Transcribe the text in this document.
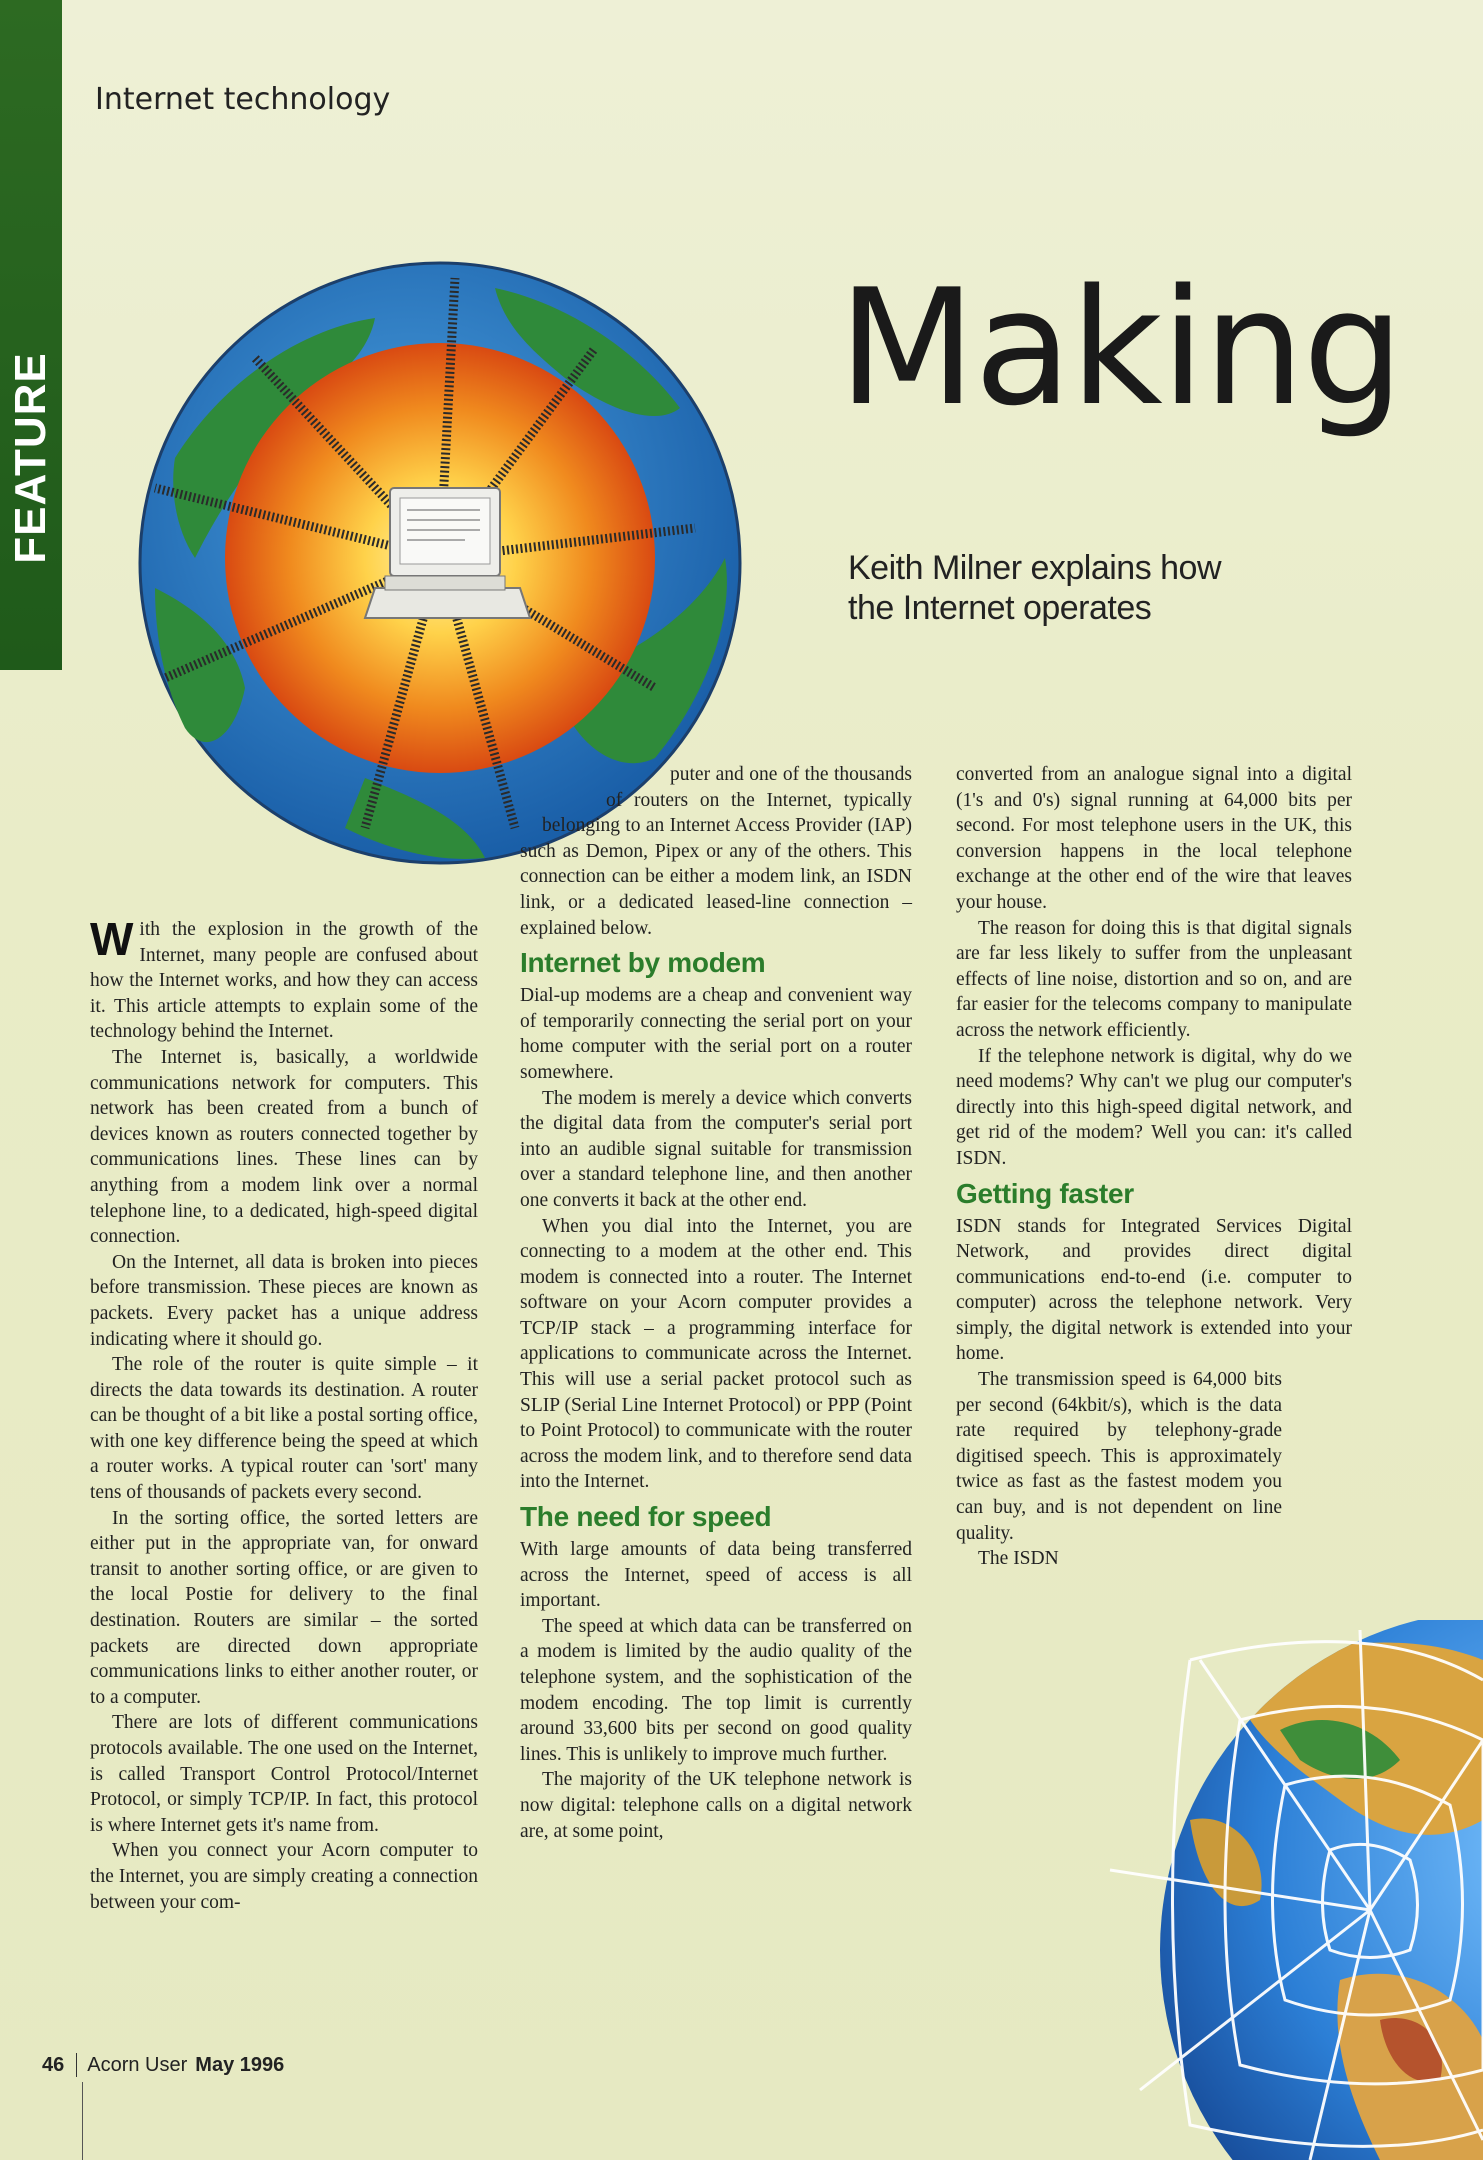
FEATURE
Internet technology
Making
Keith Milner explains how the Internet operates

With the explosion in the growth of the Internet, many people are confused about how the Internet works, and how they can access it. This article attempts to explain some of the technology behind the Internet.

The Internet is, basically, a worldwide communications network for computers. This network has been created from a bunch of devices known as routers connected together by communications lines. These lines can by anything from a modem link over a normal telephone line, to a dedicated, high-speed digital connection.

On the Internet, all data is broken into pieces before transmission. These pieces are known as packets. Every packet has a unique address indicating where it should go.

The role of the router is quite simple – it directs the data towards its destination. A router can be thought of a bit like a postal sorting office, with one key difference being the speed at which a router works. A typical router can 'sort' many tens of thousands of packets every second.

In the sorting office, the sorted letters are either put in the appropriate van, for onward transit to another sorting office, or are given to the local Postie for delivery to the final destination. Routers are similar – the sorted packets are directed down appropriate communications links to either another router, or to a computer.

There are lots of different communications protocols available. The one used on the Internet, is called Transport Control Protocol/Internet Protocol, or simply TCP/IP. In fact, this protocol is where Internet gets it's name from.

When you connect your Acorn computer to the Internet, you are simply creating a connection between your com-

puter and one of the thousands of routers on the Internet, typically belonging to an Internet Access Provider (IAP) such as Demon, Pipex or any of the others. This connection can be either a modem link, an ISDN link, or a dedicated leased-line connection – explained below.

Internet by modem

Dial-up modems are a cheap and convenient way of temporarily connecting the serial port on your home computer with the serial port on a router somewhere.

The modem is merely a device which converts the digital data from the computer's serial port into an audible signal suitable for transmission over a standard telephone line, and then another one converts it back at the other end.

When you dial into the Internet, you are connecting to a modem at the other end. This modem is connected into a router. The Internet software on your Acorn computer provides a TCP/IP stack – a programming interface for applications to communicate across the Internet. This will use a serial packet protocol such as SLIP (Serial Line Internet Protocol) or PPP (Point to Point Protocol) to communicate with the router across the modem link, and to therefore send data into the Internet.

The need for speed

With large amounts of data being transferred across the Internet, speed of access is all important.

The speed at which data can be transferred on a modem is limited by the audio quality of the telephone system, and the sophistication of the modem encoding. The top limit is currently around 33,600 bits per second on good quality lines. This is unlikely to improve much further.

The majority of the UK telephone network is now digital: telephone calls on a digital network are, at some point,

converted from an analogue signal into a digital (1's and 0's) signal running at 64,000 bits per second. For most telephone users in the UK, this conversion happens in the local telephone exchange at the other end of the wire that leaves your house.

The reason for doing this is that digital signals are far less likely to suffer from the unpleasant effects of line noise, distortion and so on, and are far easier for the telecoms company to manipulate across the network efficiently.

If the telephone network is digital, why do we need modems? Why can't we plug our computer's directly into this high-speed digital network, and get rid of the modem? Well you can: it's called ISDN.

Getting faster

ISDN stands for Integrated Services Digital Network, and provides direct digital communications end-to-end (i.e. computer to computer) across the telephone network. Very simply, the digital network is extended into your home.

The transmission speed is 64,000 bits per second (64kbit/s), which is the data rate required by telephony-grade digitised speech. This is approximately twice as fast as the fastest modem you can buy, and is not dependent on line quality.

The ISDN

46 Acorn User May 1996
